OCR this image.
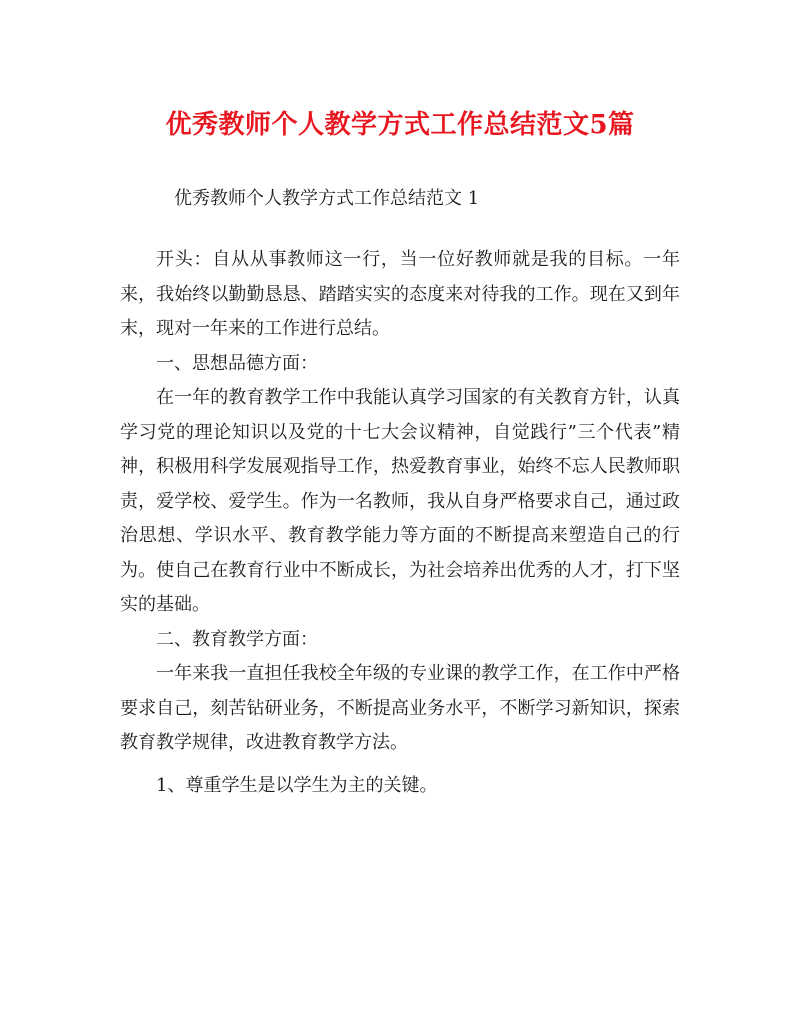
优秀教师个人教学方式工作总结范文5篇

优秀教师个人教学方式工作总结范文 1

开头：自从从事教师这一行，当一位好教师就是我的目标。一年来，我始终以勤勤恳恳、踏踏实实的态度来对待我的工作。现在又到年末，现对一年来的工作进行总结。

一、思想品德方面：

在一年的教育教学工作中我能认真学习国家的有关教育方针，认真学习党的理论知识以及党的十七大会议精神，自觉践行”三个代表”精神，积极用科学发展观指导工作，热爱教育事业，始终不忘人民教师职责，爱学校、爱学生。作为一名教师，我从自身严格要求自己，通过政治思想、学识水平、教育教学能力等方面的不断提高来塑造自己的行为。使自己在教育行业中不断成长，为社会培养出优秀的人才，打下坚实的基础。

二、教育教学方面：

一年来我一直担任我校全年级的专业课的教学工作，在工作中严格要求自己，刻苦钻研业务，不断提高业务水平，不断学习新知识，探索教育教学规律，改进教育教学方法。

1、尊重学生是以学生为主的关键。
